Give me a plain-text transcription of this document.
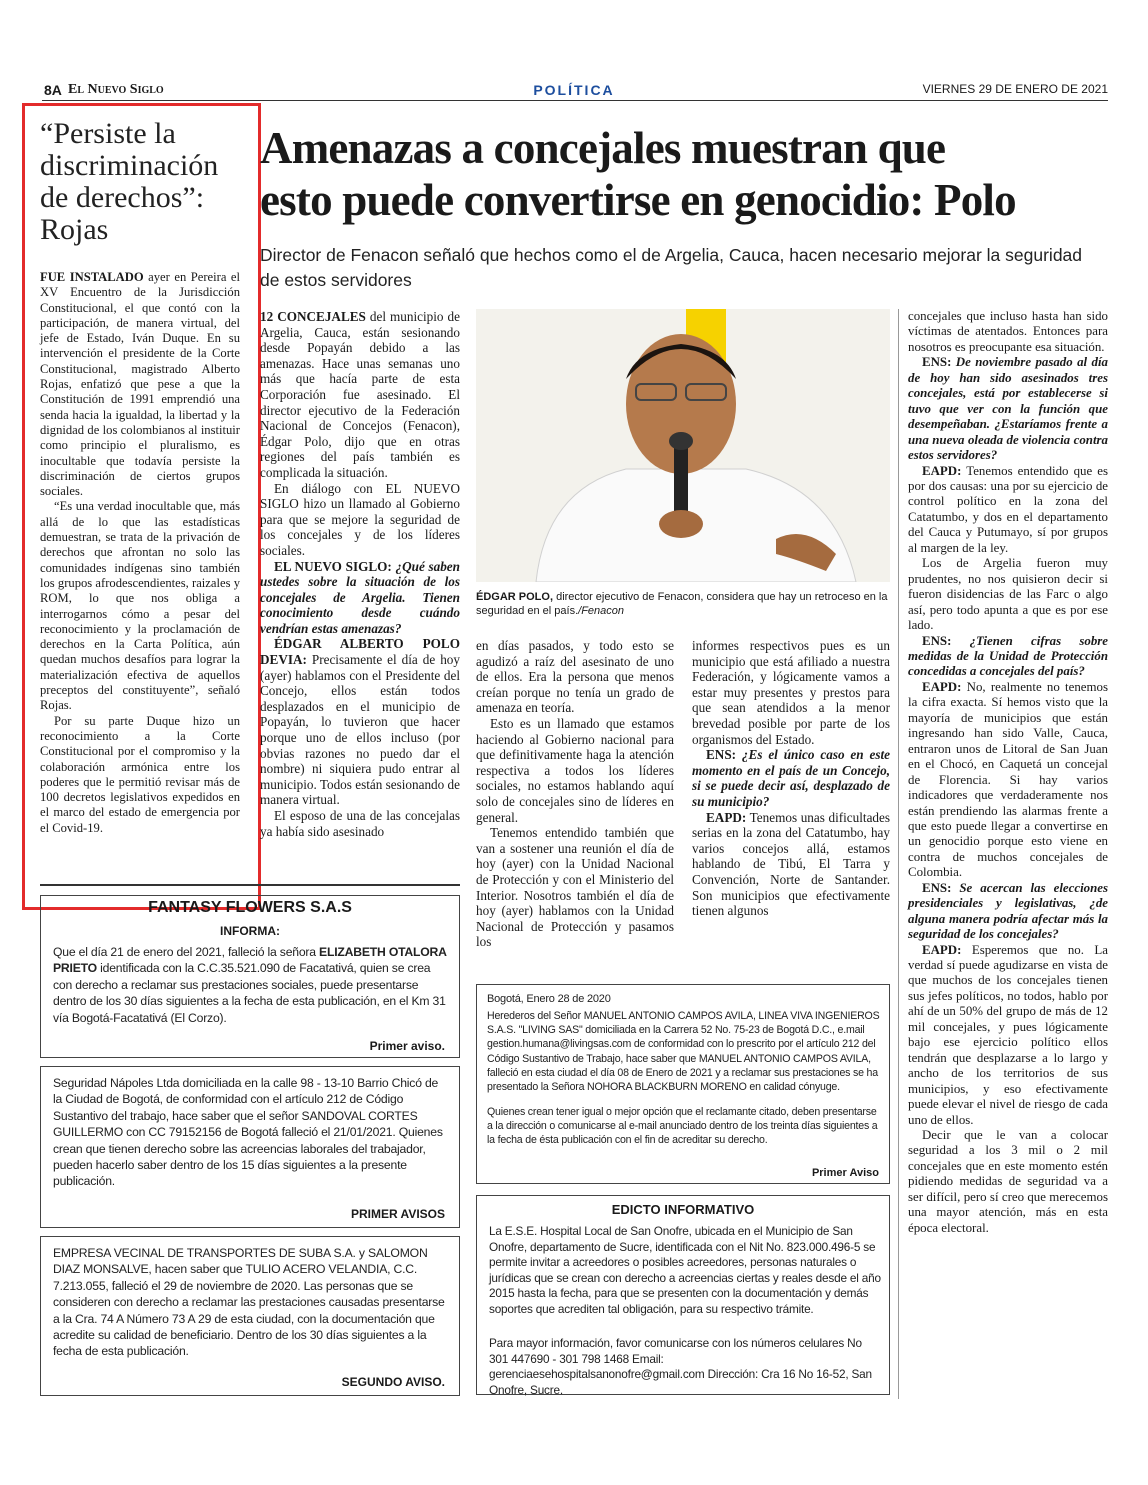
8A El Nuevo Siglo	POLÍTICA	VIERNES 29 DE ENERO DE 2021
“Persiste la discriminación de derechos”: Rojas

FUE INSTALADO ayer en Pereira el XV Encuentro de la Jurisdicción Constitucional, el que contó con la participación, de manera virtual, del jefe de Estado, Iván Duque. En su intervención el presidente de la Corte Constitucional, magistrado Alberto Rojas, enfatizó que pese a que la Constitución de 1991 emprendió una senda hacia la igualdad, la libertad y la dignidad de los colombianos al instituir como principio el pluralismo, es inocultable que todavía persiste la discriminación de ciertos grupos sociales.

“Es una verdad inocultable que, más allá de lo que las estadísticas demuestran, se trata de la privación de derechos que afrontan no solo las comunidades indígenas sino también los grupos afrodescendientes, raizales y ROM, lo que nos obliga a interrogarnos cómo a pesar del reconocimiento y la proclamación de derechos en la Carta Política, aún quedan muchos desafíos para lograr la materialización efectiva de aquellos preceptos del constituyente”, señaló Rojas.

Por su parte Duque hizo un reconocimiento a la Corte Constitucional por el compromiso y la colaboración armónica entre los poderes que le permitió revisar más de 100 decretos legislativos expedidos en el marco del estado de emergencia por el Covid-19.

Amenazas a concejales muestran que
esto puede convertirse en genocidio: Polo
Director de Fenacon señaló que hechos como el de Argelia, Cauca, hacen necesario mejorar la seguridad de estos servidores

12 CONCEJALES del municipio de Argelia, Cauca, están sesionando desde Popayán debido a las amenazas. Hace unas semanas uno más que hacía parte de esta Corporación fue asesinado. El director ejecutivo de la Federación Nacional de Concejos (Fenacon), Édgar Polo, dijo que en otras regiones del país también es complicada la situación.

En diálogo con EL NUEVO SIGLO hizo un llamado al Gobierno para que se mejore la seguridad de los concejales y de los líderes sociales.

EL NUEVO SIGLO: ¿Qué saben ustedes sobre la situación de los concejales de Argelia. Tienen conocimiento desde cuándo vendrían estas amenazas?

ÉDGAR ALBERTO POLO DEVIA: Precisamente el día de hoy (ayer) hablamos con el Presidente del Concejo, ellos están todos desplazados en el municipio de Popayán, lo tuvieron que hacer porque uno de ellos incluso (por obvias razones no puedo dar el nombre) ni siquiera pudo entrar al municipio. Todos están sesionando de manera virtual.

El esposo de una de las concejalas ya había sido asesinado

ÉDGAR POLO, director ejecutivo de Fenacon, considera que hay un retroceso en la seguridad en el país./Fenacon

en días pasados, y todo esto se agudizó a raíz del asesinato de uno de ellos. Era la persona que menos creían porque no tenía un grado de amenaza en teoría.

Esto es un llamado que estamos haciendo al Gobierno nacional para que definitivamente haga la atención respectiva a todos los líderes sociales, no estamos hablando aquí solo de concejales sino de líderes en general.

Tenemos entendido también que van a sostener una reunión el día de hoy (ayer) con la Unidad Nacional de Protección y con el Ministerio del Interior. Nosotros también el día de hoy (ayer) hablamos con la Unidad Nacional de Protección y pasamos los

informes respectivos pues es un municipio que está afiliado a nuestra Federación, y lógicamente vamos a estar muy presentes y prestos para que sean atendidos a la menor brevedad posible por parte de los organismos del Estado.

ENS: ¿Es el único caso en este momento en el país de un Concejo, si se puede decir así, desplazado de su municipio?

EAPD: Tenemos unas dificultades serias en la zona del Catatumbo, hay varios concejos allá, estamos hablando de Tibú, El Tarra y Convención, Norte de Santander. Son municipios que efectivamente tienen algunos

concejales que incluso hasta han sido víctimas de atentados. Entonces para nosotros es preocupante esa situación.

ENS: De noviembre pasado al día de hoy han sido asesinados tres concejales, está por establecerse si tuvo que ver con la función que desempeñaban. ¿Estaríamos frente a una nueva oleada de violencia contra estos servidores?

EAPD: Tenemos entendido que es por dos causas: una por su ejercicio de control político en la zona del Catatumbo, y dos en el departamento del Cauca y Putumayo, sí por grupos al margen de la ley.

Los de Argelia fueron muy prudentes, no nos quisieron decir si fueron disidencias de las Farc o algo así, pero todo apunta a que es por ese lado.

ENS: ¿Tienen cifras sobre medidas de la Unidad de Protección concedidas a concejales del país?

EAPD: No, realmente no tenemos la cifra exacta. Sí hemos visto que la mayoría de municipios que están ingresando han sido Valle, Cauca, entraron unos de Litoral de San Juan en el Chocó, en Caquetá un concejal de Florencia. Si hay varios indicadores que verdaderamente nos están prendiendo las alarmas frente a que esto puede llegar a convertirse en un genocidio porque esto viene en contra de muchos concejales de Colombia.

ENS: Se acercan las elecciones presidenciales y legislativas, ¿de alguna manera podría afectar más la seguridad de los concejales?

EAPD: Esperemos que no. La verdad sí puede agudizarse en vista de que muchos de los concejales tienen sus jefes políticos, no todos, hablo por ahí de un 50% del grupo de más de 12 mil concejales, y pues lógicamente bajo ese ejercicio político ellos tendrán que desplazarse a lo largo y ancho de los territorios de sus municipios, y eso efectivamente puede elevar el nivel de riesgo de cada uno de ellos.

Decir que le van a colocar seguridad a los 3 mil o 2 mil concejales que en este momento estén pidiendo medidas de seguridad va a ser difícil, pero sí creo que merecemos una mayor atención, más en esta época electoral.

FANTASY FLOWERS S.A.S
INFORMA:
Que el día 21 de enero del 2021, falleció la señora ELIZABETH OTALORA PRIETO identificada con la C.C.35.521.090 de Facatativá, quien se crea con derecho a reclamar sus prestaciones sociales, puede presentarse dentro de los 30 días siguientes a la fecha de esta publicación, en el Km 31 vía Bogotá-Facatativá (El Corzo).
Primer aviso.
Seguridad Nápoles Ltda domiciliada en la calle 98 - 13-10 Barrio Chicó de la Ciudad de Bogotá, de conformidad con el artículo 212 de Código Sustantivo del trabajo, hace saber que el señor SANDOVAL CORTES GUILLERMO con CC 79152156 de Bogotá falleció el 21/01/2021. Quienes crean que tienen derecho sobre las acreencias laborales del trabajador, pueden hacerlo saber dentro de los 15 días siguientes a la presente publicación.
PRIMER AVISOS
EMPRESA VECINAL DE TRANSPORTES DE SUBA S.A. y SALOMON DIAZ MONSALVE, hacen saber que TULIO ACERO VELANDIA, C.C. 7.213.055, falleció el 29 de noviembre de 2020. Las personas que se consideren con derecho a reclamar las prestaciones causadas presentarse a la Cra. 74 A Número 73 A 29 de esta ciudad, con la documentación que acredite su calidad de beneficiario. Dentro de los 30 días siguientes a la fecha de esta publicación.
SEGUNDO AVISO.
Bogotá, Enero 28 de 2020
Herederos del Señor MANUEL ANTONIO CAMPOS AVILA, LINEA VIVA INGENIEROS S.A.S. "LIVING SAS" domiciliada en la Carrera 52 No. 75-23 de Bogotá D.C., e.mail gestion.humana@livingsas.com de conformidad con lo prescrito por el artículo 212 del Código Sustantivo de Trabajo, hace saber que MANUEL ANTONIO CAMPOS AVILA, falleció en esta ciudad el día 08 de Enero de 2021 y a reclamar sus prestaciones se ha presentado la Señora NOHORA BLACKBURN MORENO en calidad cónyuge.
Quienes crean tener igual o mejor opción que el reclamante citado, deben presentarse a la dirección o comunicarse al e-mail anunciado dentro de los treinta días siguientes a la fecha de ésta publicación con el fin de acreditar su derecho.
Primer Aviso
EDICTO INFORMATIVO
La E.S.E. Hospital Local de San Onofre, ubicada en el Municipio de San Onofre, departamento de Sucre, identificada con el Nit No. 823.000.496-5 se permite invitar a acreedores o posibles acreedores, personas naturales o jurídicas que se crean con derecho a acreencias ciertas y reales desde el año 2015 hasta la fecha, para que se presenten con la documentación y demás soportes que acrediten tal obligación, para su respectivo trámite.
Para mayor información, favor comunicarse con los números celulares No 301 447690 - 301 798 1468 Email: gerenciaesehospitalsanonofre@gmail.com Dirección: Cra 16 No 16-52, San Onofre, Sucre.
